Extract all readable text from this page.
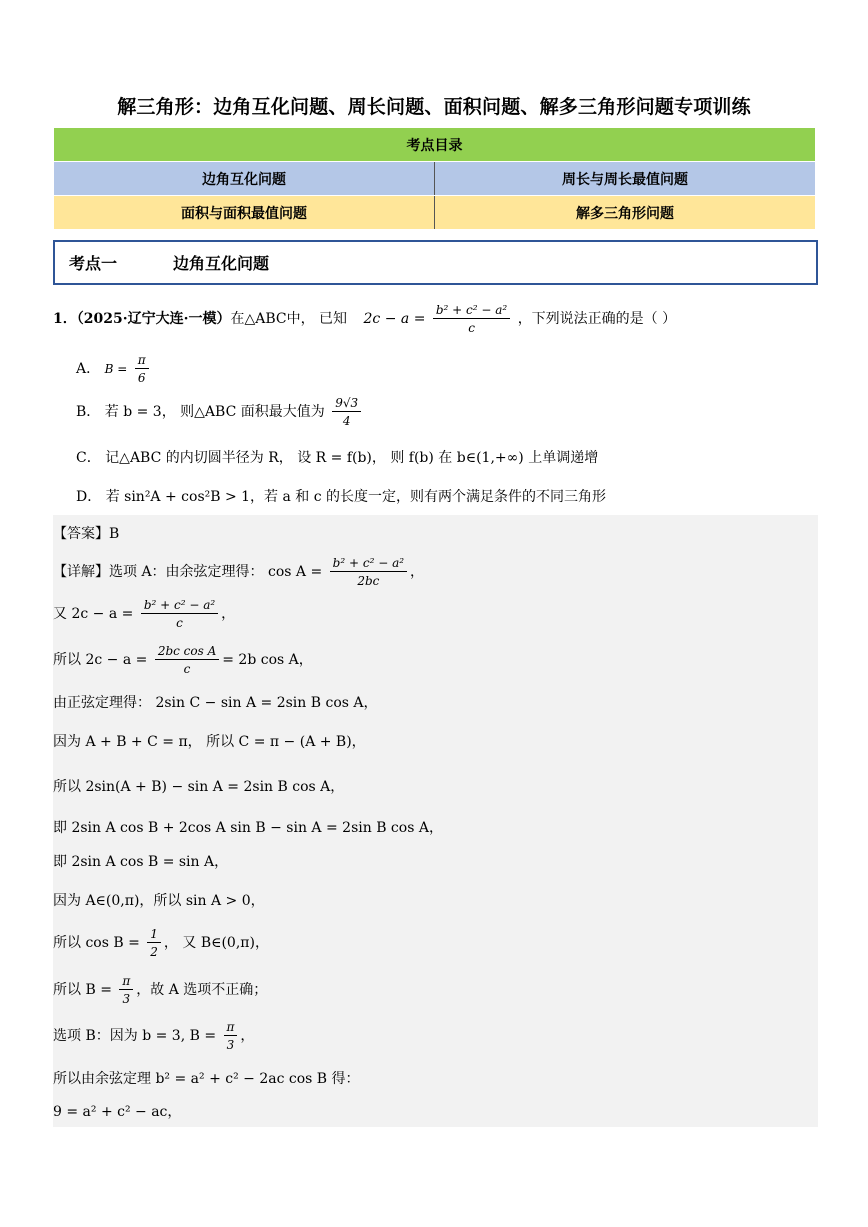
解三角形：边角互化问题、周长问题、面积问题、解多三角形问题专项训练
考点目录	
边角互化问题	周长与周长最值问题
面积与面积最值问题	解多三角形问题
考点一	边角互化问题
1．（2025·辽宁大连·一模）在△ABC中， 已知 $2c - a = \frac{\text{b² + c² − a²}}{c}$ ，下列说法正确的是（ ）
A． $B = \frac{\pi}{6}$
B． 若 b = 3， 则△ABC 面积最大值为 $\frac{9√3}{4}$
C． 记△ABC 的内切圆半径为 R， 设 R = f(b)， 则 f(b) 在 b∈(1,+∞) 上单调递增
D． 若 sin²A + cos²B > 1，若 a 和 c 的长度一定，则有两个满足条件的不同三角形
【答案】B
【详解】选项 A：由余弦定理得： $\cos A = \frac{\text{b² + c² − a²}}{2bc}$ ，
又 $2c - a = \frac{\text{b² + c² − a²}}{c}$ ，
所以 $2c - a = \frac{\text{2bc cos A}}{c} = 2b$ cos A，
由正弦定理得： 2sin C − sin A = 2sin B cos A，
因为 A + B + C = π， 所以 C = π − (A + B)，
所以 2sin(A + B) − sin A = 2sin B cos A，
即 2sin A cos B + 2cos A sin B − sin A = 2sin B cos A，
即 2sin A cos B = sin A，
因为 A∈(0,π)，所以 sin A > 0，
所以 $\cos B = \frac{1}{2}$ ， 又 B∈(0,π)，
所以 $B = \frac{\pi}{3}$ ，故 A 选项不正确；
选项 B：因为 b = 3, $B = \frac{\pi}{3}$ ，
所以由余弦定理 b² = a² + c² − 2ac cos B 得：
9 = a² + c² − ac，
